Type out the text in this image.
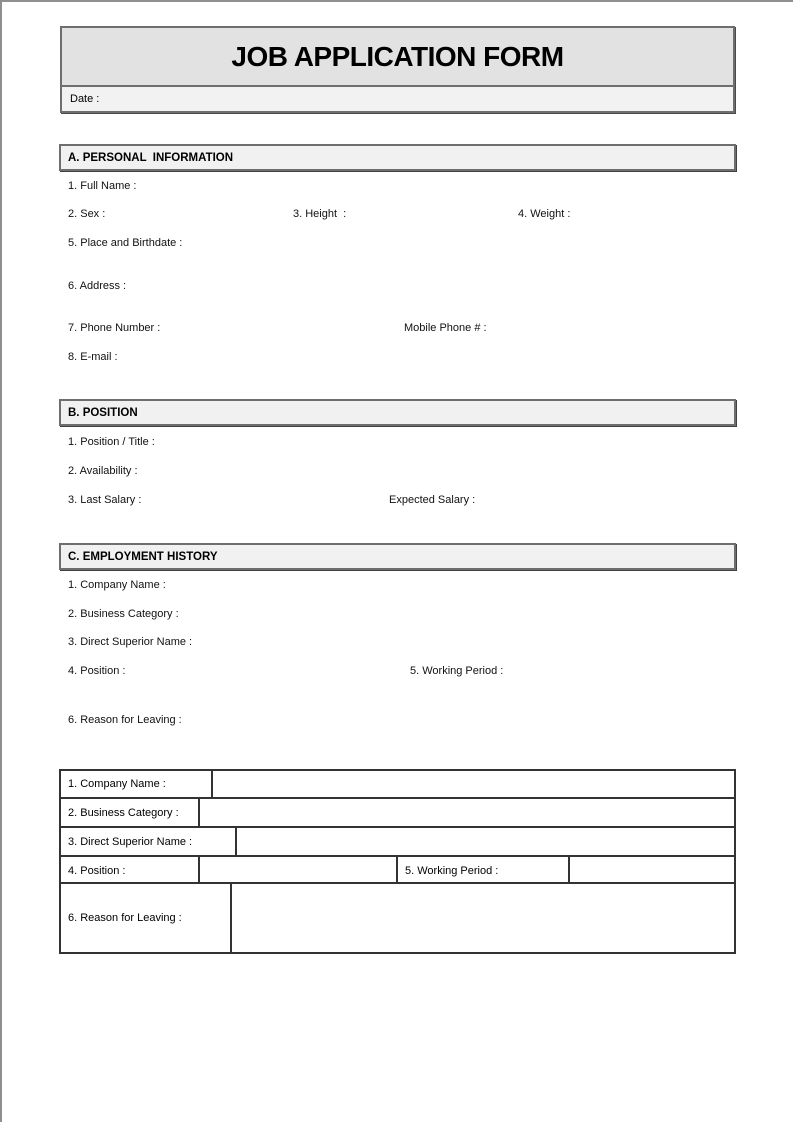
JOB APPLICATION FORM
Date :
A. PERSONAL  INFORMATION
1. Full Name :
2. Sex :	3. Height  :	4. Weight :
5. Place and Birthdate :
6. Address :
7. Phone Number :	Mobile Phone # :
8. E-mail :
B. POSITION
1. Position / Title :
2. Availability :
3. Last Salary :	Expected Salary :
C. EMPLOYMENT HISTORY
1. Company Name :
2. Business Category :
3. Direct Superior Name :
4. Position :	5. Working Period :
6. Reason for Leaving :
1. Company Name :
2. Business Category :
3. Direct Superior Name :
4. Position :	5. Working Period :
6. Reason for Leaving :
